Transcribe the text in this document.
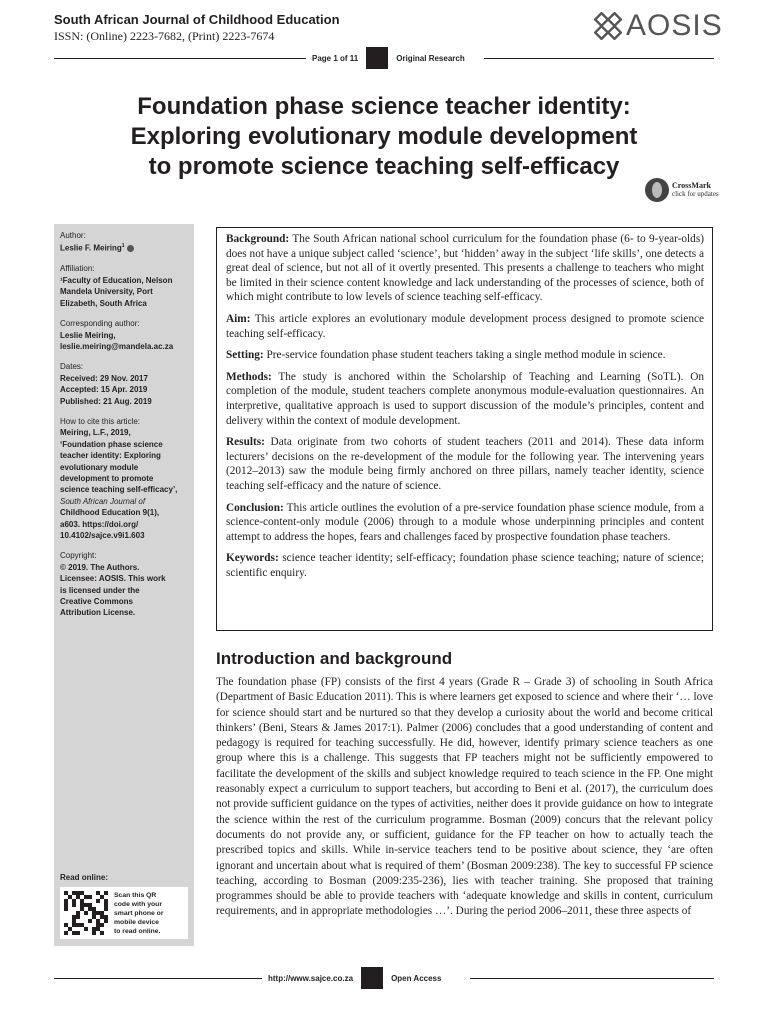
South African Journal of Childhood Education
ISSN: (Online) 2223-7682, (Print) 2223-7674	AOSIS
Page 1 of 11	Original Research
Foundation phase science teacher identity:
Exploring evolutionary module development
to promote science teaching self-efficacy
CrossMark
click for updates
Author:
Leslie F. Meiring$^1$
Affiliation:
¹Faculty of Education, Nelson
Mandela University, Port
Elizabeth, South Africa
Corresponding author:
Leslie Meiring,
leslie.meiring@mandela.ac.za
Dates:
Received: 29 Nov. 2017
Accepted: 15 Apr. 2019
Published: 21 Aug. 2019
How to cite this article:
Meiring, L.F., 2019,
‘Foundation phase science
teacher identity: Exploring
evolutionary module
development to promote
science teaching self-efficacy’,
South African Journal of
Childhood Education 9(1),
a603. https://doi.org/
10.4102/sajce.v9i1.603
Copyright:
© 2019. The Authors.
Licensee: AOSIS. This work
is licensed under the
Creative Commons
Attribution License.
Read online:
Scan this QR
code with your
smart phone or
mobile device
to read online.

Background: The South African national school curriculum for the foundation phase (6- to 9-year-olds) does not have a unique subject called ‘science’, but ‘hidden’ away in the subject ‘life skills’, one detects a great deal of science, but not all of it overtly presented. This presents a challenge to teachers who might be limited in their science content knowledge and lack understanding of the processes of science, both of which might contribute to low levels of science teaching self-efficacy.

Aim: This article explores an evolutionary module development process designed to promote science teaching self-efficacy.

Setting: Pre-service foundation phase student teachers taking a single method module in science.

Methods: The study is anchored within the Scholarship of Teaching and Learning (SoTL). On completion of the module, student teachers complete anonymous module-evaluation questionnaires. An interpretive, qualitative approach is used to support discussion of the module’s principles, content and delivery within the context of module development.

Results: Data originate from two cohorts of student teachers (2011 and 2014). These data inform lecturers’ decisions on the re-development of the module for the following year. The intervening years (2012–2013) saw the module being firmly anchored on three pillars, namely teacher identity, science teaching self-efficacy and the nature of science.

Conclusion: This article outlines the evolution of a pre-service foundation phase science module, from a science-content-only module (2006) through to a module whose underpinning principles and content attempt to address the hopes, fears and challenges faced by prospective foundation phase teachers.

Keywords: science teacher identity; self-efficacy; foundation phase science teaching; nature of science; scientific enquiry.

Introduction and background
The foundation phase (FP) consists of the first 4 years (Grade R – Grade 3) of schooling in South Africa (Department of Basic Education 2011). This is where learners get exposed to science and where their ‘… love for science should start and be nurtured so that they develop a curiosity about the world and become critical thinkers’ (Beni, Stears & James 2017:1). Palmer (2006) concludes that a good understanding of content and pedagogy is required for teaching successfully. He did, however, identify primary science teachers as one group where this is a challenge. This suggests that FP teachers might not be sufficiently empowered to facilitate the development of the skills and subject knowledge required to teach science in the FP. One might reasonably expect a curriculum to support teachers, but according to Beni et al. (2017), the curriculum does not provide sufficient guidance on the types of activities, neither does it provide guidance on how to integrate the science within the rest of the curriculum programme. Bosman (2009) concurs that the relevant policy documents do not provide any, or sufficient, guidance for the FP teacher on how to actually teach the prescribed topics and skills. While in-service teachers tend to be positive about science, they ‘are often ignorant and uncertain about what is required of them’ (Bosman 2009:238). The key to successful FP science teaching, according to Bosman (2009:235-236), lies with teacher training. She proposed that training programmes should be able to provide teachers with ‘adequate knowledge and skills in content, curriculum requirements, and in appropriate methodologies …’. During the period 2006–2011, these three aspects of
http://www.sajce.co.za	Open Access
